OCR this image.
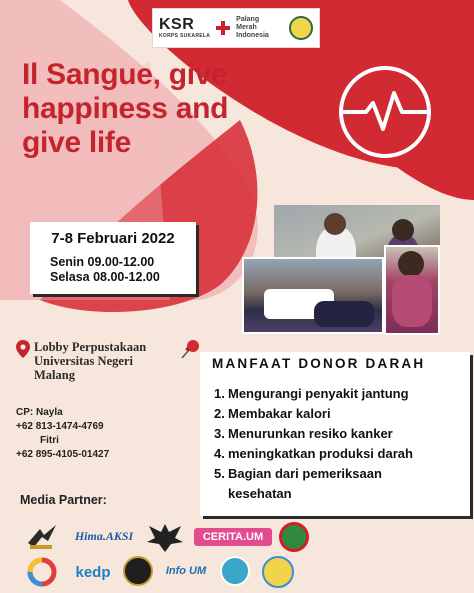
KSR
KORPS SUKARELA
Palang
Merah
Indonesia
Il Sangue, give
happiness and
give life
7-8 Februari 2022
Senin 09.00-12.00
Selasa 08.00-12.00
Lobby Perpustakaan
Universitas Negeri
Malang
CP: Nayla
+62 813-1474-4769

Fitri
+62 895-4105-01427
MANFAAT DONOR DARAH
1. Mengurangi penyakit jantung
2. Membakar kalori
3. Menurunkan resiko kanker
4. meningkatkan produksi darah
5. Bagian dari pemeriksaan kesehatan
Media Partner:
Hima.AKSI	CERITA.UM
kedp	Info UM
